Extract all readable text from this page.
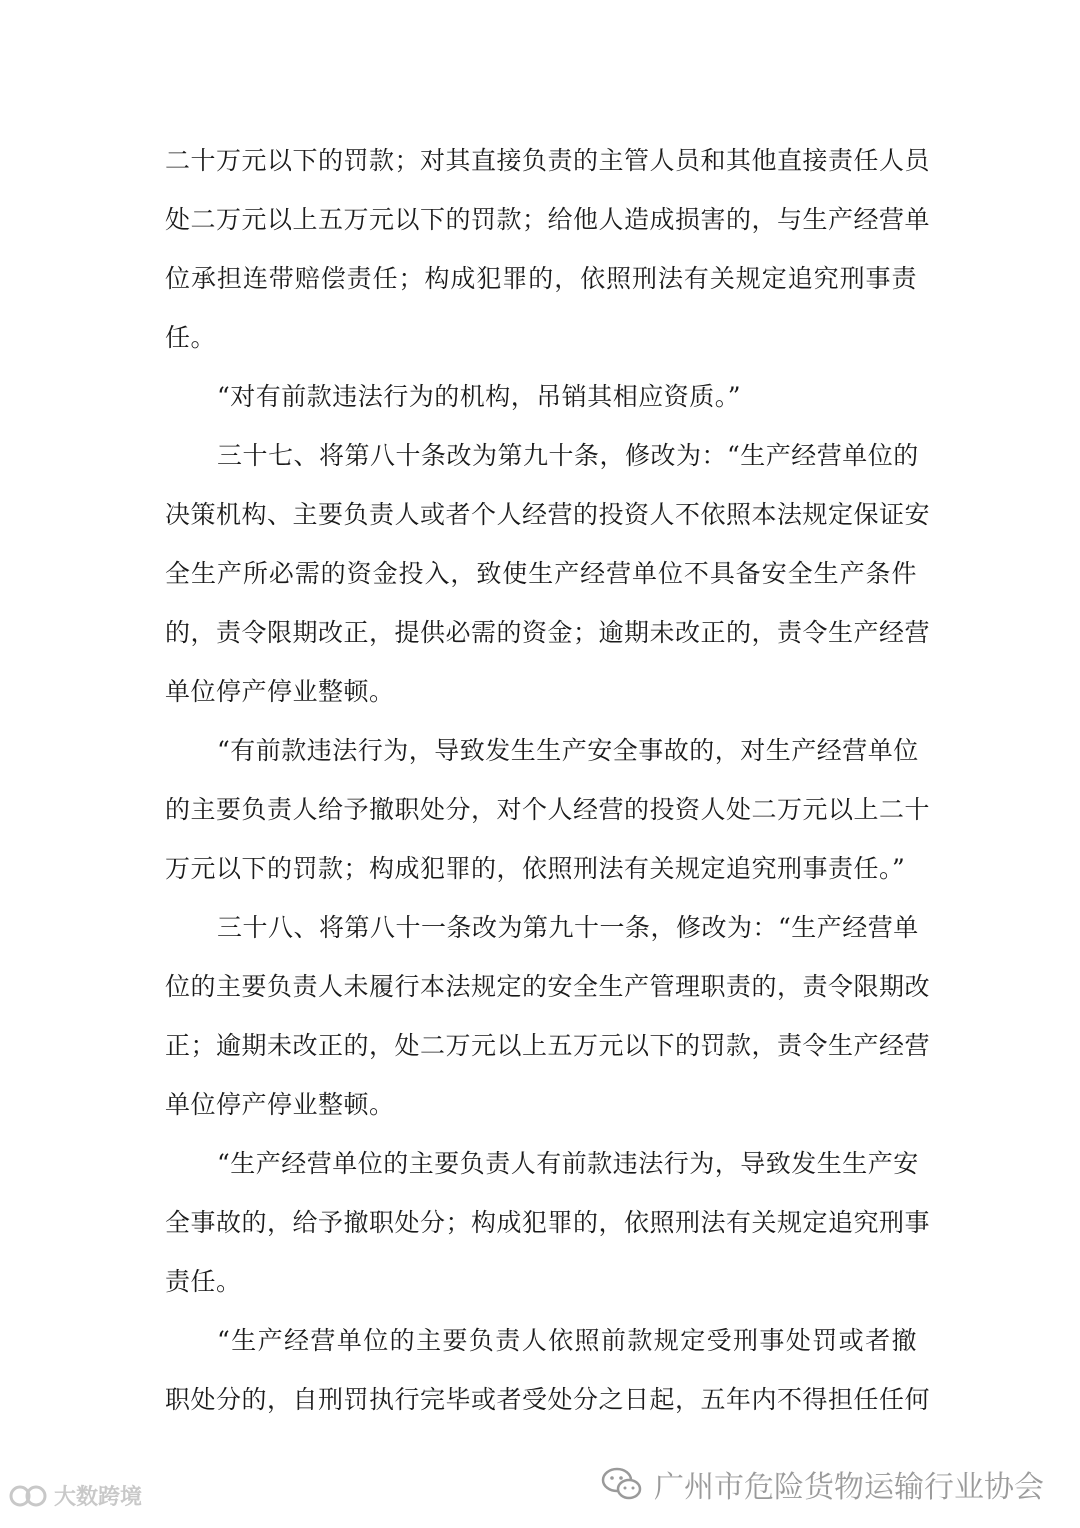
二十万元以下的罚款；对其直接负责的主管人员和其他直接责任人员
处二万元以上五万元以下的罚款；给他人造成损害的，与生产经营单
位承担连带赔偿责任；构成犯罪的，依照刑法有关规定追究刑事责
任。
“对有前款违法行为的机构，吊销其相应资质。”
三十七、将第八十条改为第九十条，修改为：“生产经营单位的
决策机构、主要负责人或者个人经营的投资人不依照本法规定保证安
全生产所必需的资金投入，致使生产经营单位不具备安全生产条件
的，责令限期改正，提供必需的资金；逾期未改正的，责令生产经营
单位停产停业整顿。
“有前款违法行为，导致发生生产安全事故的，对生产经营单位
的主要负责人给予撤职处分，对个人经营的投资人处二万元以上二十
万元以下的罚款；构成犯罪的，依照刑法有关规定追究刑事责任。”
三十八、将第八十一条改为第九十一条，修改为：“生产经营单
位的主要负责人未履行本法规定的安全生产管理职责的，责令限期改
正；逾期未改正的，处二万元以上五万元以下的罚款，责令生产经营
单位停产停业整顿。
“生产经营单位的主要负责人有前款违法行为，导致发生生产安
全事故的，给予撤职处分；构成犯罪的，依照刑法有关规定追究刑事
责任。
“生产经营单位的主要负责人依照前款规定受刑事处罚或者撤
职处分的，自刑罚执行完毕或者受处分之日起，五年内不得担任任何
大数跨境	广州市危险货物运输行业协会
